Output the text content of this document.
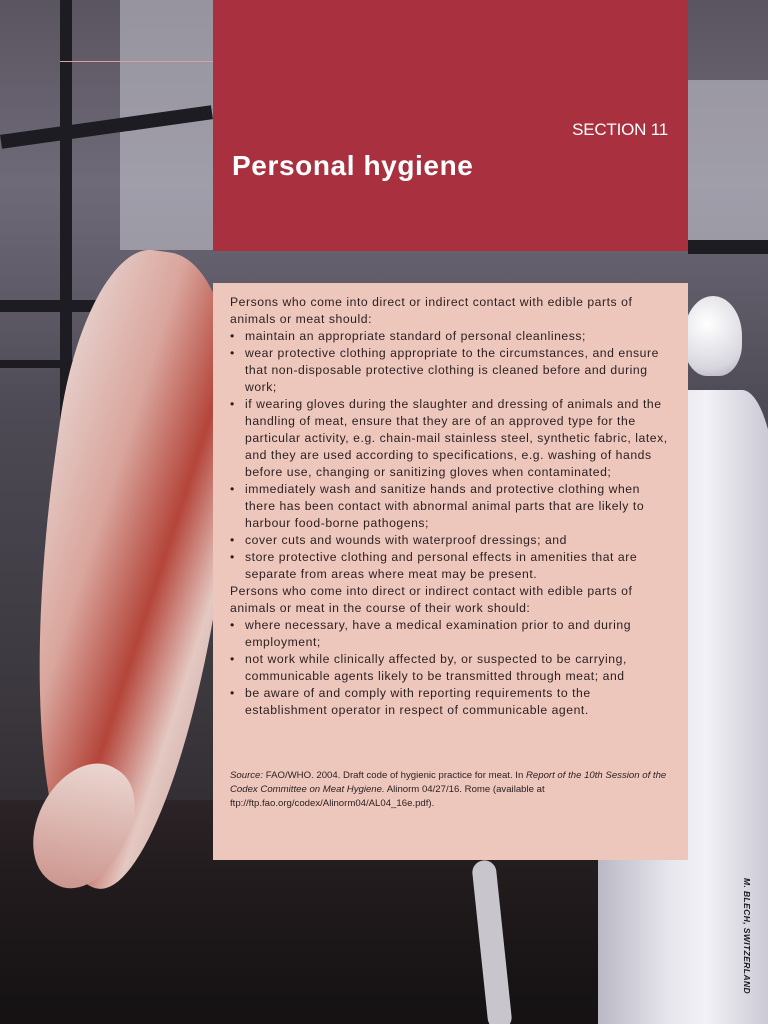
SECTION 11
Personal hygiene

Persons who come into direct or indirect contact with edible parts of animals or meat should:

• maintain an appropriate standard of personal cleanliness;
• wear protective clothing appropriate to the circumstances, and ensure that non-disposable protective clothing is cleaned before and during work;
• if wearing gloves during the slaughter and dressing of animals and the handling of meat, ensure that they are of an approved type for the particular activity, e.g. chain-mail stainless steel, synthetic fabric, latex, and they are used according to specifications, e.g. washing of hands before use, changing or sanitizing gloves when contaminated;
• immediately wash and sanitize hands and protective clothing when there has been contact with abnormal animal parts that are likely to harbour food-borne pathogens;
• cover cuts and wounds with waterproof dressings; and
• store protective clothing and personal effects in amenities that are separate from areas where meat may be present.

Persons who come into direct or indirect contact with edible parts of animals or meat in the course of their work should:

• where necessary, have a medical examination prior to and during employment;
• not work while clinically affected by, or suspected to be carrying, communicable agents likely to be transmitted through meat; and
• be aware of and comply with reporting requirements to the establishment operator in respect of communicable agent.
Source: FAO/WHO. 2004. Draft code of hygienic practice for meat. In Report of the 10th Session of the Codex Committee on Meat Hygiene. Alinorm 04/27/16. Rome (available at ftp://ftp.fao.org/codex/Alinorm04/AL04_16e.pdf).
M. BLECH, SWITZERLAND
